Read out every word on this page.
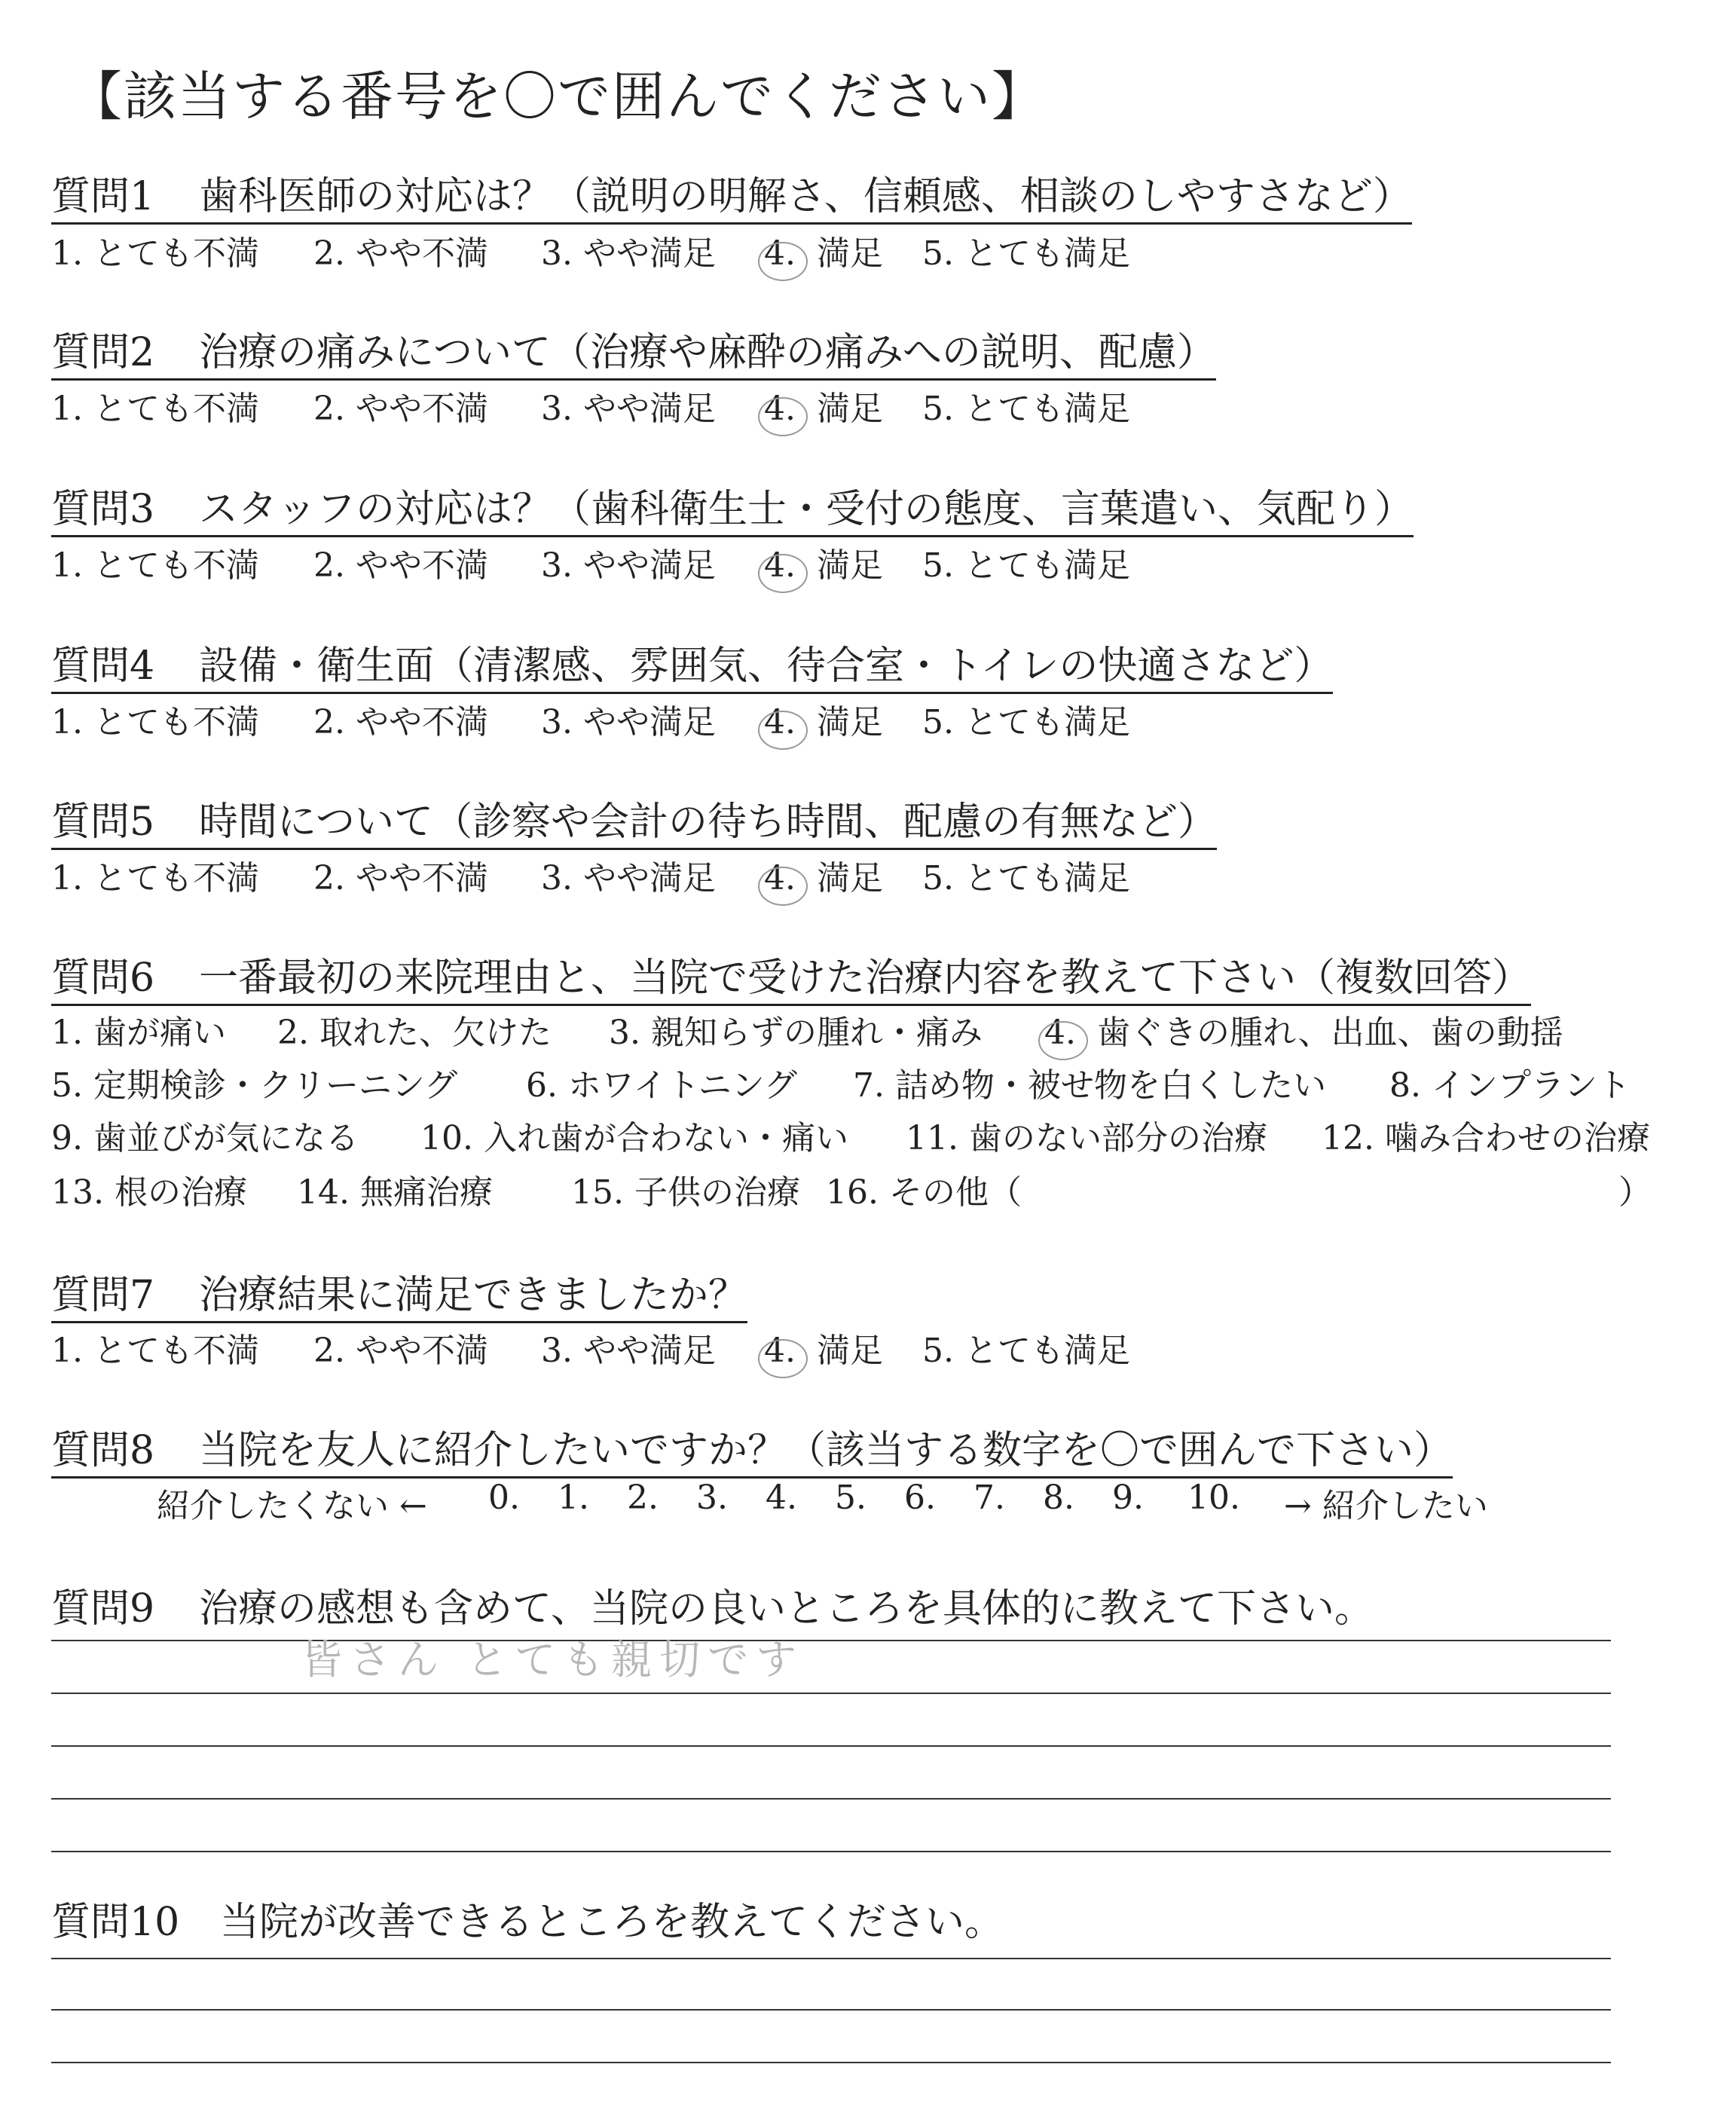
【該当する番号を〇で囲んでください】
質問1 歯科医師の対応は？（説明の明解さ、信頼感、相談のしやすさなど）
1. とても不満 2. やや不満 3. やや満足 4. 満足 5. とても満足
質問2 治療の痛みについて（治療や麻酔の痛みへの説明、配慮）
1. とても不満 2. やや不満 3. やや満足 4. 満足 5. とても満足
質問3 スタッフの対応は？（歯科衛生士・受付の態度、言葉遣い、気配り）
1. とても不満 2. やや不満 3. やや満足 4. 満足 5. とても満足
質問4 設備・衛生面（清潔感、雰囲気、待合室・トイレの快適さなど）
1. とても不満 2. やや不満 3. やや満足 4. 満足 5. とても満足
質問5 時間について（診察や会計の待ち時間、配慮の有無など）
1. とても不満 2. やや不満 3. やや満足 4. 満足 5. とても満足
質問6 一番最初の来院理由と、当院で受けた治療内容を教えて下さい（複数回答）
1. 歯が痛い 2. 取れた、欠けた 3. 親知らずの腫れ・痛み 4. 歯ぐきの腫れ、出血、歯の動揺
5. 定期検診・クリーニング 6. ホワイトニング 7. 詰め物・被せ物を白くしたい 8. インプラント
9. 歯並びが気になる 10. 入れ歯が合わない・痛い 11. 歯のない部分の治療 12. 噛み合わせの治療
13. 根の治療 14. 無痛治療 15. 子供の治療 16. その他（	）
質問7 治療結果に満足できましたか？
1. とても不満 2. やや不満 3. やや満足 4. 満足 5. とても満足
質問8 当院を友人に紹介したいですか？（該当する数字を〇で囲んで下さい）
紹介したくない ← 0. 1. 2. 3. 4. 5. 6. 7. 8. 9. 10. → 紹介したい
質問9 治療の感想も含めて、当院の良いところを具体的に教えて下さい。
皆さん とても親切です
質問10 当院が改善できるところを教えてください。
